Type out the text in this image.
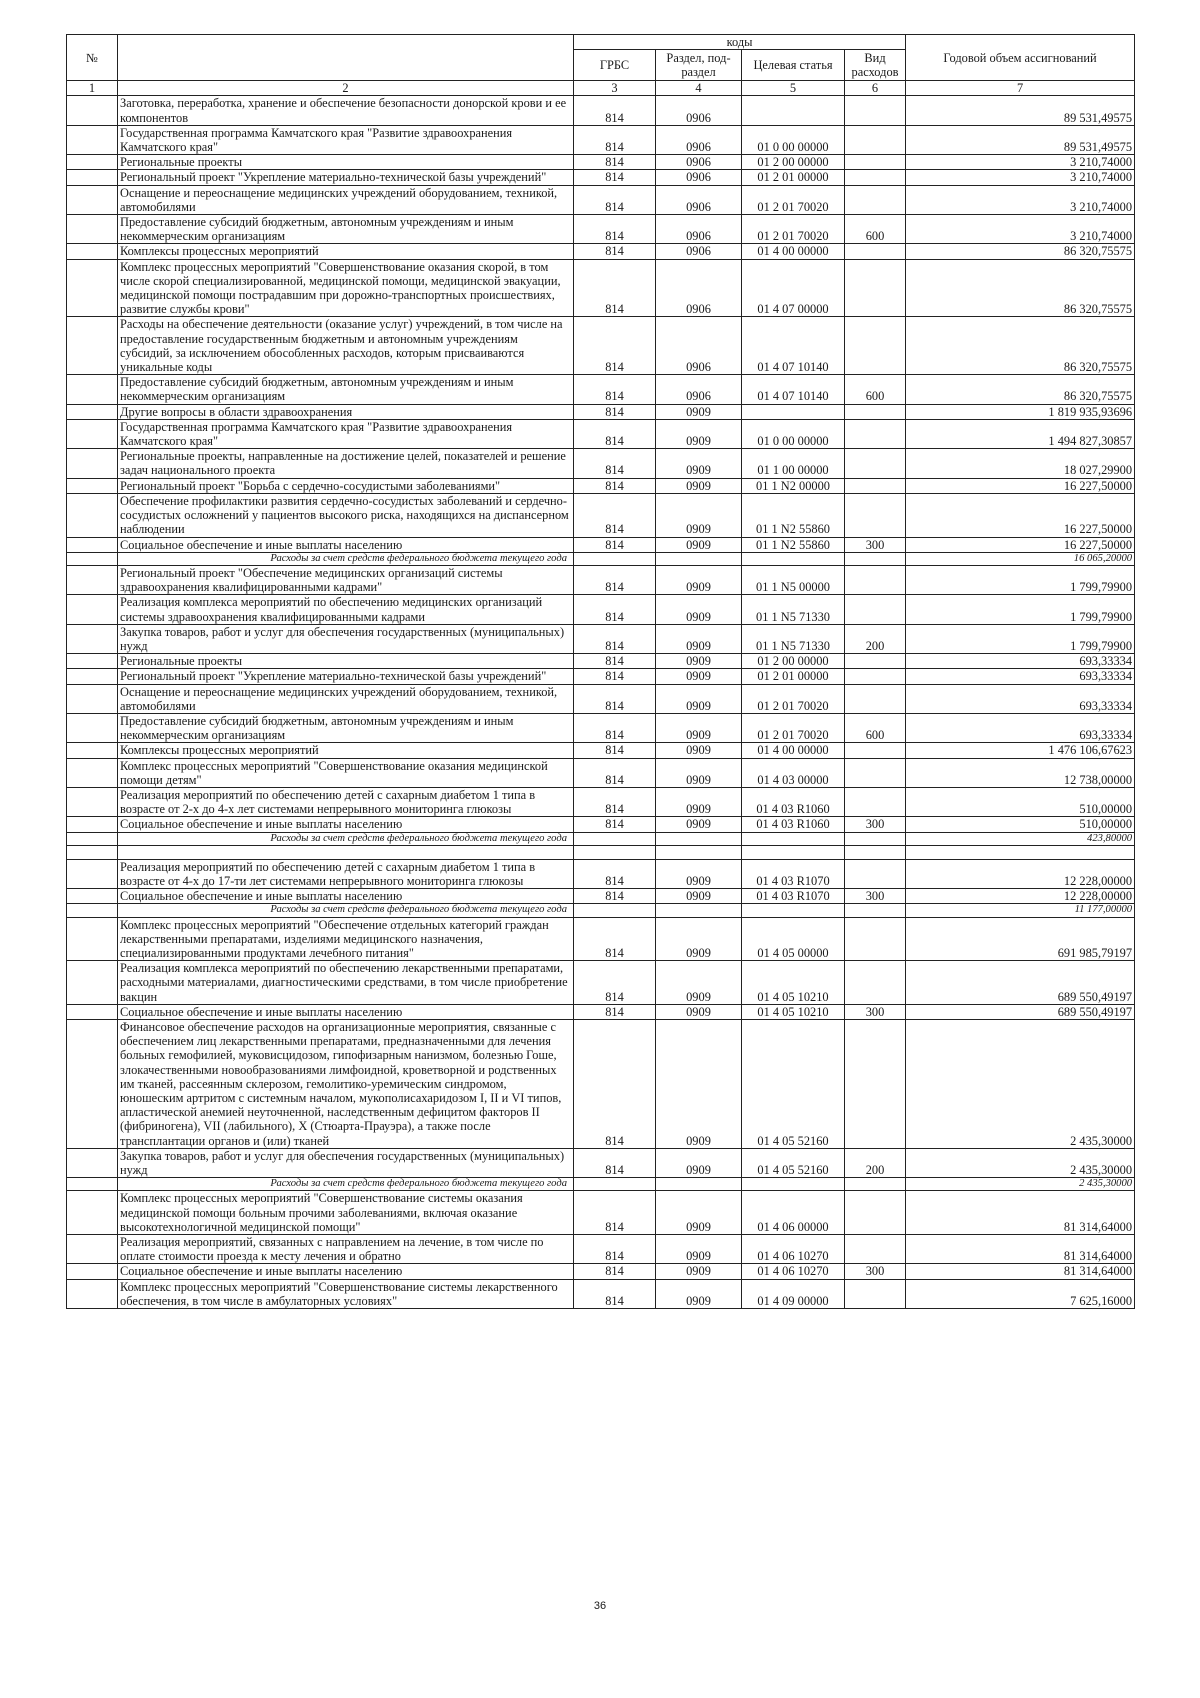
№		коды				Годовой объем ассигнований
		ГРБС	Раздел, под-раздел	Целевая статья	Вид расходов	
1	2	3	4	5	6	7
	Заготовка, переработка, хранение и обеспечение безопасности донорской крови и ее компонентов	814	0906			89 531,49575
	Государственная программа Камчатского края "Развитие здравоохранения Камчатского края"	814	0906	01 0 00 00000		89 531,49575
	Региональные проекты	814	0906	01 2 00 00000		3 210,74000
	Региональный проект "Укрепление материально-технической базы учреждений"	814	0906	01 2 01 00000		3 210,74000
	Оснащение и переоснащение медицинских учреждений оборудованием, техникой, автомобилями	814	0906	01 2 01 70020		3 210,74000
	Предоставление субсидий бюджетным, автономным учреждениям и иным некоммерческим организациям	814	0906	01 2 01 70020	600	3 210,74000
	Комплексы процессных мероприятий	814	0906	01 4 00 00000		86 320,75575
	Комплекс процессных мероприятий "Совершенствование оказания скорой, в том числе скорой специализированной, медицинской помощи, медицинской эвакуации, медицинской помощи пострадавшим при дорожно-транспортных происшествиях, развитие службы крови"	814	0906	01 4 07 00000		86 320,75575
	Расходы на обеспечение деятельности (оказание услуг) учреждений, в том числе на предоставление государственным бюджетным и автономным учреждениям субсидий, за исключением обособленных расходов, которым присваиваются уникальные коды	814	0906	01 4 07 10140		86 320,75575
	Предоставление субсидий бюджетным, автономным учреждениям и иным некоммерческим организациям	814	0906	01 4 07 10140	600	86 320,75575
	Другие вопросы в области здравоохранения	814	0909			1 819 935,93696
	Государственная программа Камчатского края "Развитие здравоохранения Камчатского края"	814	0909	01 0 00 00000		1 494 827,30857
	Региональные проекты, направленные на достижение целей, показателей и решение задач национального проекта	814	0909	01 1 00 00000		18 027,29900
	Региональный проект "Борьба с сердечно-сосудистыми заболеваниями"	814	0909	01 1 N2 00000		16 227,50000
	Обеспечение профилактики развития сердечно-сосудистых заболеваний и сердечно-сосудистых осложнений у пациентов высокого риска, находящихся на диспансерном наблюдении	814	0909	01 1 N2 55860		16 227,50000
	Социальное обеспечение и иные выплаты населению	814	0909	01 1 N2 55860	300	16 227,50000
	Расходы за счет средств федерального бюджета текущего года					16 065,20000
	Региональный проект "Обеспечение медицинских организаций системы здравоохранения квалифицированными кадрами"	814	0909	01 1 N5 00000		1 799,79900
	Реализация комплекса мероприятий по обеспечению медицинских организаций системы здравоохранения квалифицированными кадрами	814	0909	01 1 N5 71330		1 799,79900
	Закупка товаров, работ и услуг для обеспечения государственных (муниципальных) нужд	814	0909	01 1 N5 71330	200	1 799,79900
	Региональные проекты	814	0909	01 2 00 00000		693,33334
	Региональный проект "Укрепление материально-технической базы учреждений"	814	0909	01 2 01 00000		693,33334
	Оснащение и переоснащение медицинских учреждений оборудованием, техникой, автомобилями	814	0909	01 2 01 70020		693,33334
	Предоставление субсидий бюджетным, автономным учреждениям и иным некоммерческим организациям	814	0909	01 2 01 70020	600	693,33334
	Комплексы процессных мероприятий	814	0909	01 4 00 00000		1 476 106,67623
	Комплекс процессных мероприятий "Совершенствование оказания медицинской помощи детям"	814	0909	01 4 03 00000		12 738,00000
	Реализация мероприятий по обеспечению детей с сахарным диабетом 1 типа в возрасте от 2-х до 4-х лет системами непрерывного мониторинга глюкозы	814	0909	01 4 03 R1060		510,00000
	Социальное обеспечение и иные выплаты населению	814	0909	01 4 03 R1060	300	510,00000
	Расходы за счет средств федерального бюджета текущего года					423,80000

	Реализация мероприятий по обеспечению детей с сахарным диабетом 1 типа в возрасте от 4-х до 17-ти лет системами непрерывного мониторинга глюкозы	814	0909	01 4 03 R1070		12 228,00000
	Социальное обеспечение и иные выплаты населению	814	0909	01 4 03 R1070	300	12 228,00000
	Расходы за счет средств федерального бюджета текущего года					11 177,00000
	Комплекс процессных мероприятий "Обеспечение отдельных категорий граждан лекарственными препаратами, изделиями медицинского назначения, специализированными продуктами лечебного питания"	814	0909	01 4 05 00000		691 985,79197
	Реализация комплекса мероприятий по обеспечению лекарственными препаратами, расходными материалами, диагностическими средствами, в том числе приобретение вакцин	814	0909	01 4 05 10210		689 550,49197
	Социальное обеспечение и иные выплаты населению	814	0909	01 4 05 10210	300	689 550,49197
	Финансовое обеспечение расходов на организационные мероприятия, связанные с обеспечением лиц лекарственными препаратами, предназначенными для лечения больных гемофилией, муковисцидозом, гипофизарным нанизмом, болезнью Гоше, злокачественными новообразованиями лимфоидной, кроветворной и родственных им тканей, рассеянным склерозом, гемолитико-уремическим синдромом, юношеским артритом с системным началом, мукополисахаридозом I, II и VI типов, апластической анемией неуточненной, наследственным дефицитом факторов II (фибриногена), VII (лабильного), X (Стюарта-Прауэра), а также после трансплантации органов и (или) тканей	814	0909	01 4 05 52160		2 435,30000
	Закупка товаров, работ и услуг для обеспечения государственных (муниципальных) нужд	814	0909	01 4 05 52160	200	2 435,30000
	Расходы за счет средств федерального бюджета текущего года					2 435,30000
	Комплекс процессных мероприятий "Совершенствование системы оказания медицинской помощи больным прочими заболеваниями, включая оказание высокотехнологичной медицинской помощи"	814	0909	01 4 06 00000		81 314,64000
	Реализация мероприятий, связанных с направлением на лечение, в том числе по оплате стоимости проезда к месту лечения и обратно	814	0909	01 4 06 10270		81 314,64000
	Социальное обеспечение и иные выплаты населению	814	0909	01 4 06 10270	300	81 314,64000
	Комплекс процессных мероприятий "Совершенствование системы лекарственного обеспечения, в том числе в амбулаторных условиях"	814	0909	01 4 09 00000		7 625,16000
36
